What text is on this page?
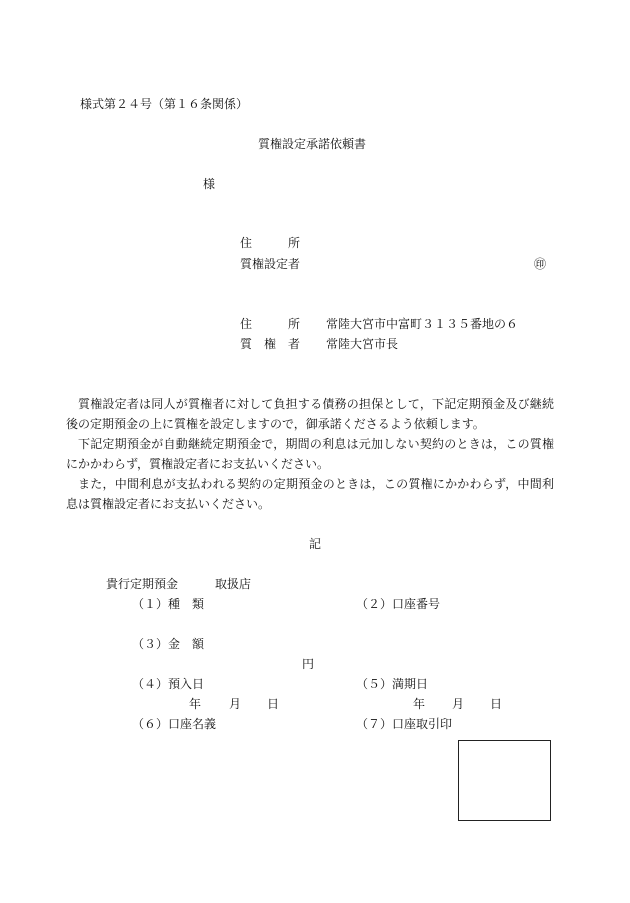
様式第２４号（第１６条関係）
質権設定承諾依頼書
様
住　　　所
質権設定者	㊞
住　　　所 常陸大宮市中富町３１３５番地の６
質　権　者 常陸大宮市長
質権設定者は同人が質権者に対して負担する債務の担保として，下記定期預金及び継続後の定期預金の上に質権を設定しますので，御承諾くださるよう依頼します。
下記定期預金が自動継続定期預金で，期間の利息は元加しない契約のときは，この質権にかかわらず，質権設定者にお支払いください。
また，中間利息が支払われる契約の定期預金のときは，この質権にかかわらず，中間利息は質権設定者にお支払いください。
記
貴行定期預金	取扱店
（１）種　類	（２）口座番号
（３）金　額
円
（４）預入日	（５）満期日
年 月 日	年 月 日
（６）口座名義	（７）口座取引印
